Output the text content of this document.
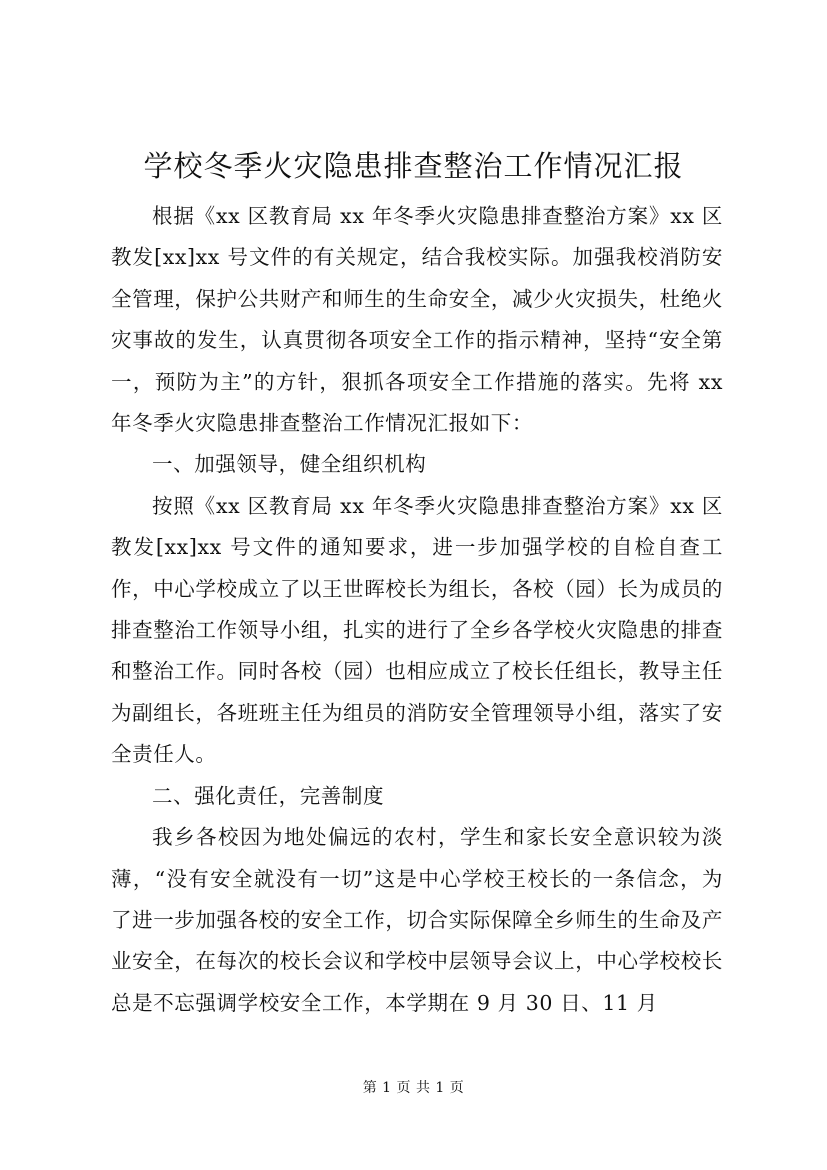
学校冬季火灾隐患排查整治工作情况汇报

根据《xx 区教育局 xx 年冬季火灾隐患排查整治方案》xx 区教发[xx]xx 号文件的有关规定，结合我校实际。加强我校消防安全管理，保护公共财产和师生的生命安全，减少火灾损失，杜绝火灾事故的发生，认真贯彻各项安全工作的指示精神，坚持“安全第一，预防为主”的方针，狠抓各项安全工作措施的落实。先将 xx 年冬季火灾隐患排查整治工作情况汇报如下：

一、加强领导，健全组织机构

按照《xx 区教育局 xx 年冬季火灾隐患排查整治方案》xx 区教发[xx]xx 号文件的通知要求，进一步加强学校的自检自查工作，中心学校成立了以王世晖校长为组长，各校（园）长为成员的排查整治工作领导小组，扎实的进行了全乡各学校火灾隐患的排查和整治工作。同时各校（园）也相应成立了校长任组长，教导主任为副组长，各班班主任为组员的消防安全管理领导小组，落实了安全责任人。

二、强化责任，完善制度

我乡各校因为地处偏远的农村，学生和家长安全意识较为淡薄，“没有安全就没有一切”这是中心学校王校长的一条信念，为了进一步加强各校的安全工作，切合实际保障全乡师生的生命及产业安全，在每次的校长会议和学校中层领导会议上，中心学校校长总是不忘强调学校安全工作，本学期在 9 月 30 日、11 月

第 1 页 共 1 页
